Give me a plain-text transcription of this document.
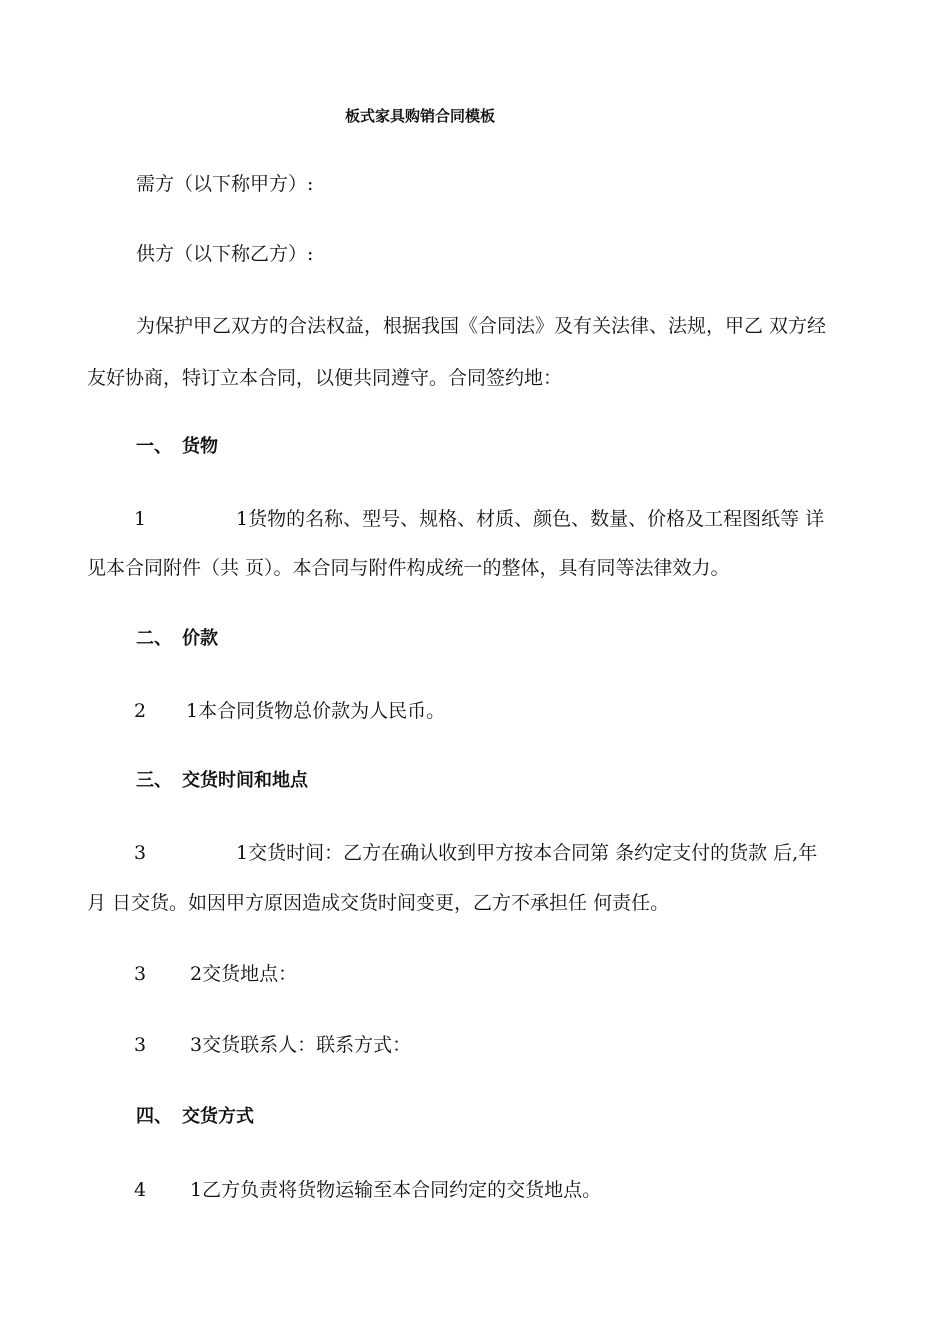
板式家具购销合同模板
需方（以下称甲方）:
供方（以下称乙方）:
为保护甲乙双方的合法权益，根据我国《合同法》及有关法律、法规，甲乙 双方经
友好协商，特订立本合同，以便共同遵守。合同签约地：
一、 货物
1	1货物的名称、型号、规格、材质、颜色、数量、价格及工程图纸等 详
见本合同附件（共 页）。本合同与附件构成统一的整体，具有同等法律效力。
二、 价款
2 1本合同货物总价款为人民币。
三、 交货时间和地点
3	1交货时间：乙方在确认收到甲方按本合同第 条约定支付的货款 后,年
月 日交货。如因甲方原因造成交货时间变更，乙方不承担任 何责任。
3 2交货地点：
3 3交货联系人：联系方式：
四、 交货方式
4 1乙方负责将货物运输至本合同约定的交货地点。
